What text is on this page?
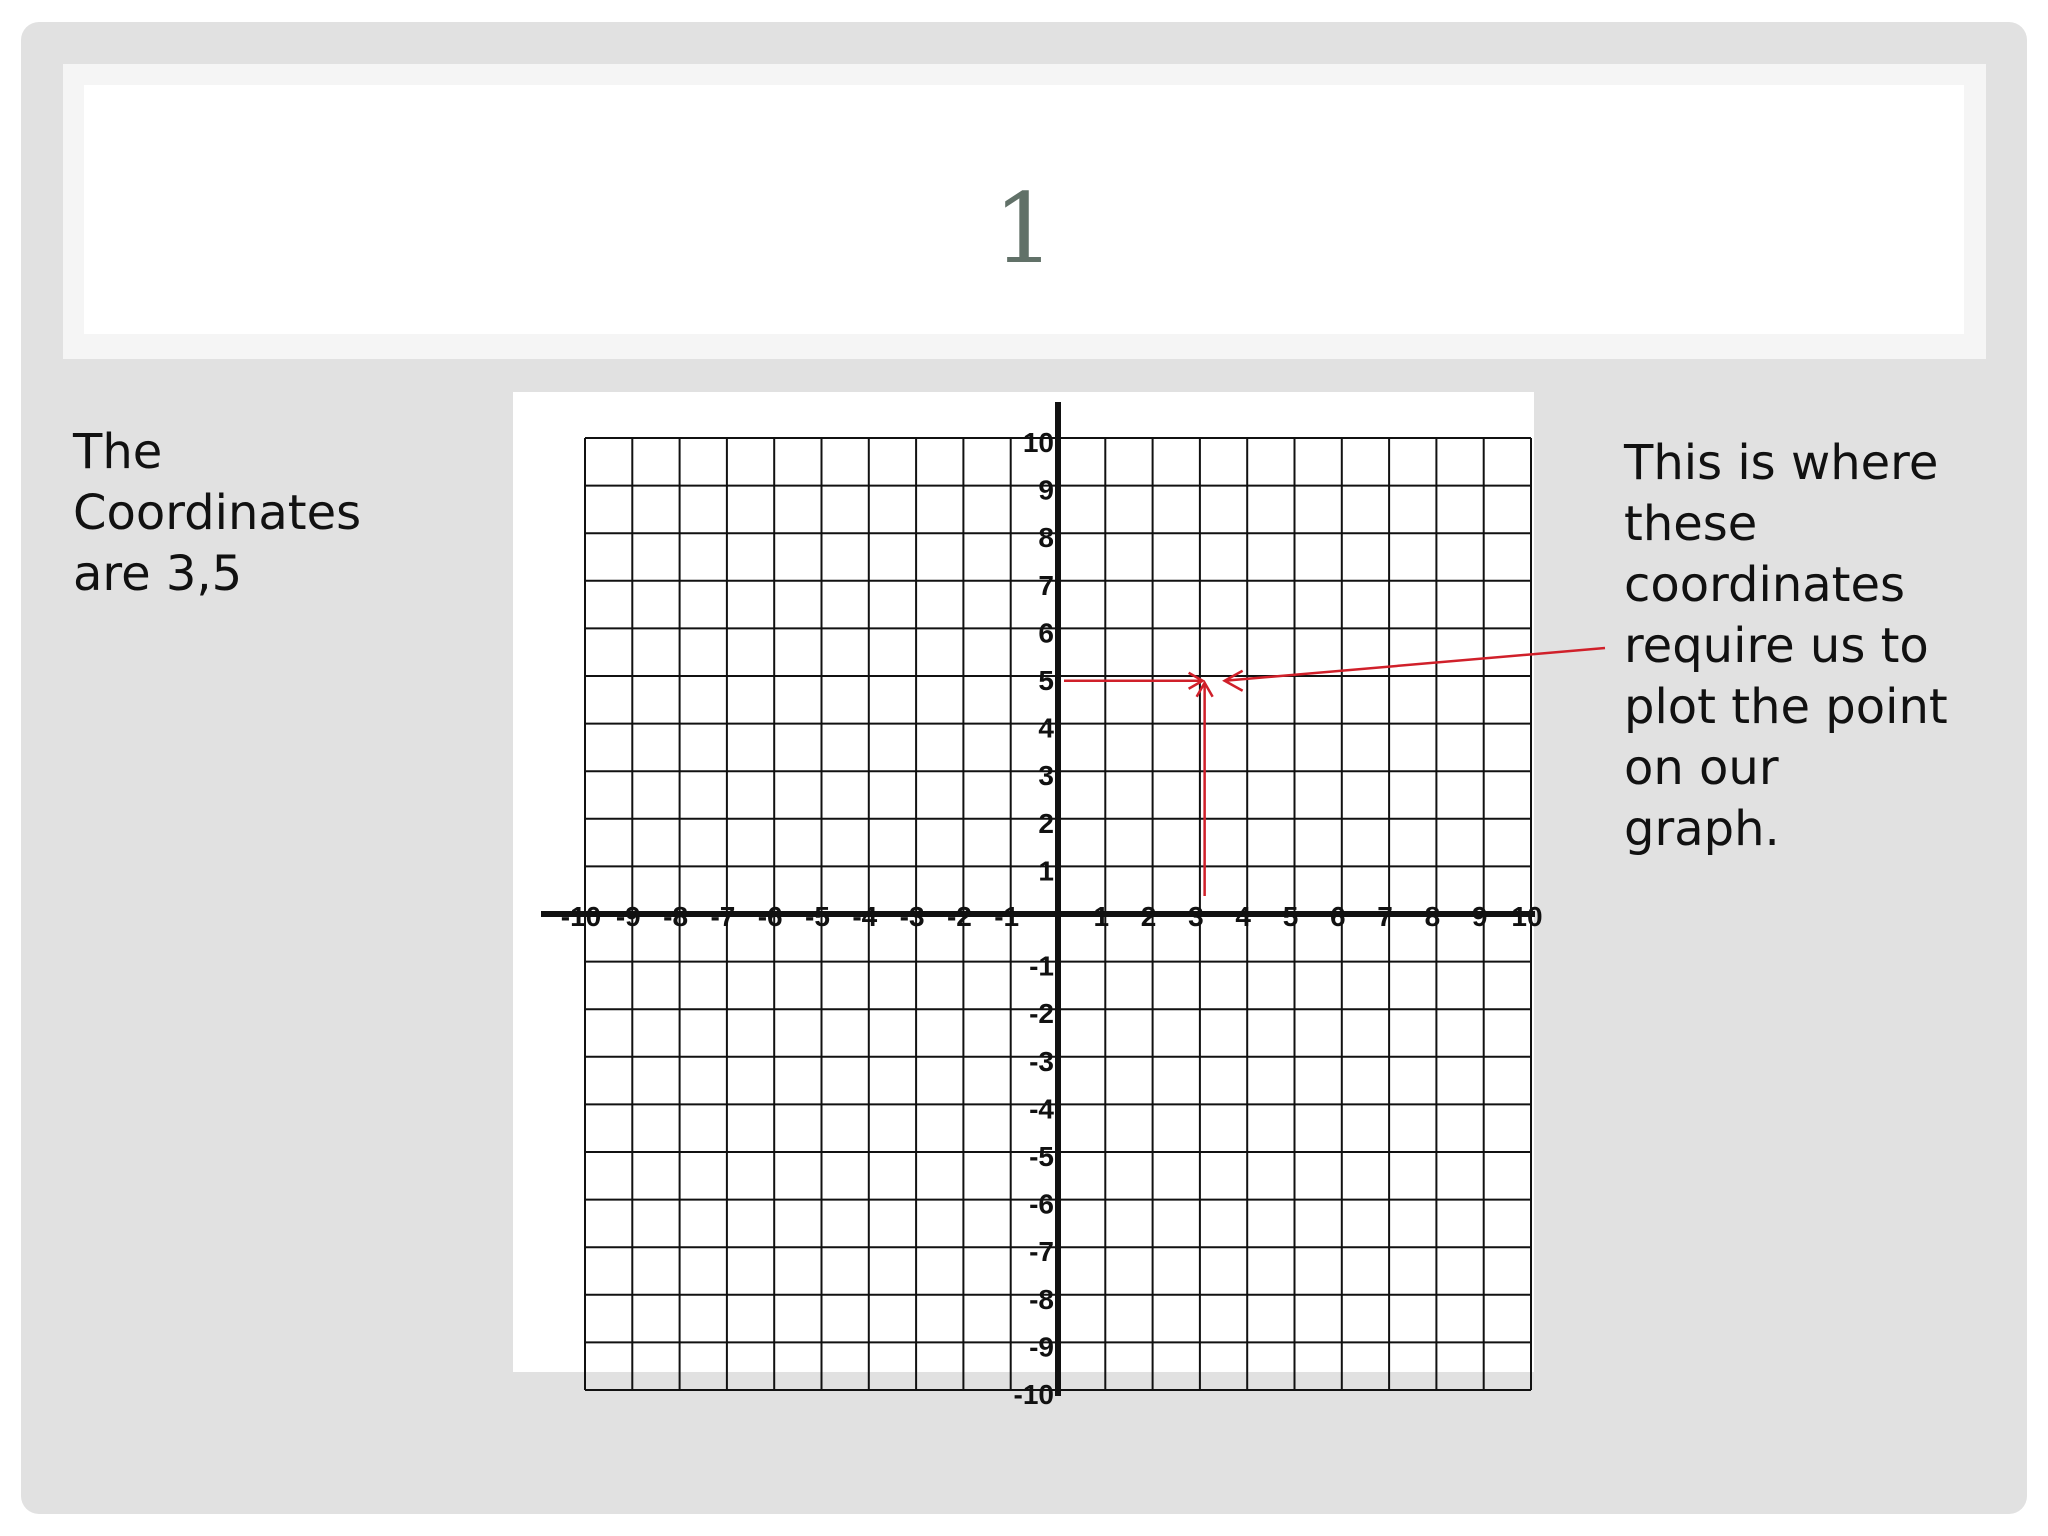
1
The
Coordinates
are 3,5
This is where
these
coordinates
require us to
plot the point
on our
graph.
-10 -9 -8 -7 -6 -5 -4 -3 -2 -1	1 2 3 4 5 6 7 8 9 10
10
9
8
7
6
5
4
3
2
1
-1
-2
-3
-4
-5
-6
-7
-8
-9
-10
